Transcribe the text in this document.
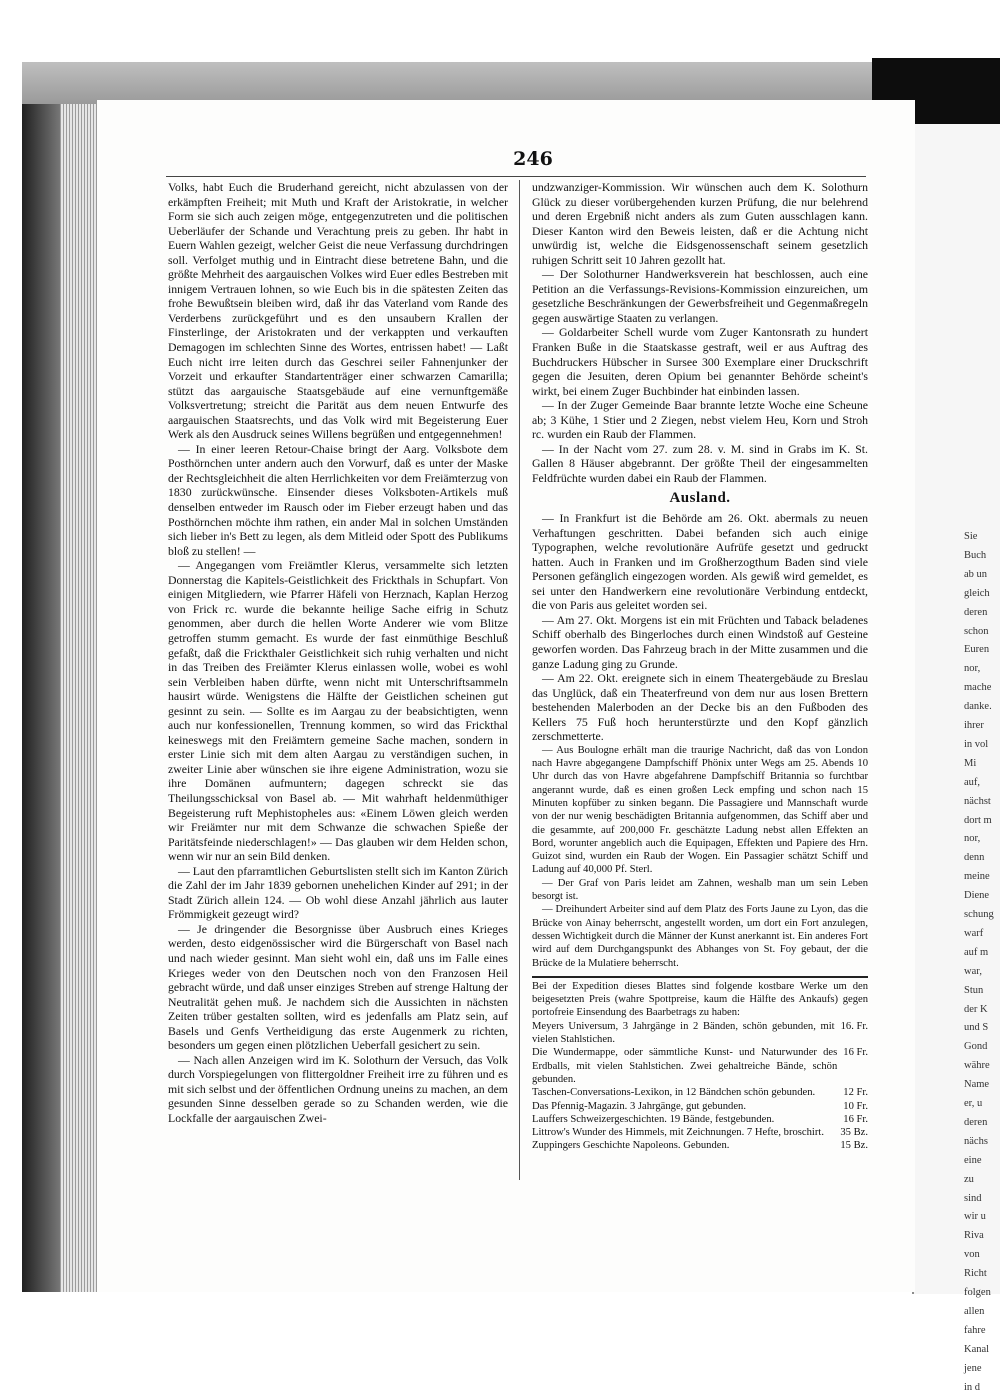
246

Volks, habt Euch die Bruderhand gereicht, nicht abzulassen von der erkämpften Freiheit; mit Muth und Kraft der Aristokratie, in welcher Form sie sich auch zeigen möge, entgegenzutreten und die politischen Ueberläufer der Schande und Verachtung preis zu geben. Ihr habt in Euern Wahlen gezeigt, welcher Geist die neue Verfassung durchdringen soll. Verfolget muthig und in Eintracht diese betretene Bahn, und die größte Mehrheit des aargauischen Volkes wird Euer edles Bestreben mit innigem Vertrauen lohnen, so wie Euch bis in die spätesten Zeiten das frohe Bewußtsein bleiben wird, daß ihr das Vaterland vom Rande des Verderbens zurückgeführt und es den unsaubern Krallen der Finsterlinge, der Aristokraten und der verkappten und verkauften Demagogen im schlechten Sinne des Wortes, entrissen habet! — Laßt Euch nicht irre leiten durch das Geschrei seiler Fahnenjunker der Vorzeit und erkaufter Standartenträger einer schwarzen Camarilla; stützt das aargauische Staatsgebäude auf eine vernunftgemäße Volksvertretung; streicht die Parität aus dem neuen Entwurfe des aargauischen Staatsrechts, und das Volk wird mit Begeisterung Euer Werk als den Ausdruck seines Willens begrüßen und entgegennehmen!

— In einer leeren Retour-Chaise bringt der Aarg. Volksbote dem Posthörnchen unter andern auch den Vorwurf, daß es unter der Maske der Rechtsgleichheit die alten Herrlichkeiten vor dem Freiämterzug von 1830 zurückwünsche. Einsender dieses Volksboten-Artikels muß denselben entweder im Rausch oder im Fieber erzeugt haben und das Posthörnchen möchte ihm rathen, ein ander Mal in solchen Umständen sich lieber in's Bett zu legen, als dem Mitleid oder Spott des Publikums bloß zu stellen! —

— Angegangen vom Freiämtler Klerus, versammelte sich letzten Donnerstag die Kapitels-Geistlichkeit des Frickthals in Schupfart. Von einigen Mitgliedern, wie Pfarrer Häfeli von Herznach, Kaplan Herzog von Frick rc. wurde die bekannte heilige Sache eifrig in Schutz genommen, aber durch die hellen Worte Anderer wie vom Blitze getroffen stumm gemacht. Es wurde der fast einmüthige Beschluß gefaßt, daß die Frickthaler Geistlichkeit sich ruhig verhalten und nicht in das Treiben des Freiämter Klerus einlassen wolle, wobei es wohl sein Verbleiben haben dürfte, wenn nicht mit Unterschriftsammeln hausirt würde. Wenigstens die Hälfte der Geistlichen scheinen gut gesinnt zu sein. — Sollte es im Aargau zu der beabsichtigten, wenn auch nur konfessionellen, Trennung kommen, so wird das Frickthal keineswegs mit den Freiämtern gemeine Sache machen, sondern in erster Linie sich mit dem alten Aargau zu verständigen suchen, in zweiter Linie aber wünschen sie ihre eigene Administration, wozu sie ihre Domänen aufmuntern; dagegen schreckt sie das Theilungsschicksal von Basel ab. — Mit wahrhaft heldenmüthiger Begeisterung ruft Mephistopheles aus: «Einem Löwen gleich werden wir Freiämter nur mit dem Schwanze die schwachen Spieße der Paritätsfeinde niederschlagen!» — Das glauben wir dem Helden schon, wenn wir nur an sein Bild denken.

— Laut den pfarramtlichen Geburtslisten stellt sich im Kanton Zürich die Zahl der im Jahr 1839 gebornen unehelichen Kinder auf 291; in der Stadt Zürich allein 124. — Ob wohl diese Anzahl jährlich aus lauter Frömmigkeit gezeugt wird?

— Je dringender die Besorgnisse über Ausbruch eines Krieges werden, desto eidgenössischer wird die Bürgerschaft von Basel nach und nach wieder gesinnt. Man sieht wohl ein, daß uns im Falle eines Krieges weder von den Deutschen noch von den Franzosen Heil gebracht würde, und daß unser einziges Streben auf strenge Haltung der Neutralität gehen muß. Je nachdem sich die Aussichten in nächsten Zeiten trüber gestalten sollten, wird es jedenfalls am Platz sein, auf Basels und Genfs Vertheidigung das erste Augenmerk zu richten, besonders um gegen einen plötzlichen Ueberfall gesichert zu sein.

— Nach allen Anzeigen wird im K. Solothurn der Versuch, das Volk durch Vorspiegelungen von flittergoldner Freiheit irre zu führen und es mit sich selbst und der öffentlichen Ordnung uneins zu machen, an dem gesunden Sinne desselben gerade so zu Schanden werden, wie die Lockfalle der aargauischen Zwei-

undzwanziger-Kommission. Wir wünschen auch dem K. Solothurn Glück zu dieser vorübergehenden kurzen Prüfung, die nur belehrend und deren Ergebniß nicht anders als zum Guten ausschlagen kann. Dieser Kanton wird den Beweis leisten, daß er die Achtung nicht unwürdig ist, welche die Eidsgenossenschaft seinem gesetzlich ruhigen Schritt seit 10 Jahren gezollt hat.

— Der Solothurner Handwerksverein hat beschlossen, auch eine Petition an die Verfassungs-Revisions-Kommission einzureichen, um gesetzliche Beschränkungen der Gewerbsfreiheit und Gegenmaßregeln gegen auswärtige Staaten zu verlangen.

— Goldarbeiter Schell wurde vom Zuger Kantonsrath zu hundert Franken Buße in die Staatskasse gestraft, weil er aus Auftrag des Buchdruckers Hübscher in Sursee 300 Exemplare einer Druckschrift gegen die Jesuiten, deren Opium bei genannter Behörde scheint's wirkt, bei einem Zuger Buchbinder hat einbinden lassen.

— In der Zuger Gemeinde Baar brannte letzte Woche eine Scheune ab; 3 Kühe, 1 Stier und 2 Ziegen, nebst vielem Heu, Korn und Stroh rc. wurden ein Raub der Flammen.

— In der Nacht vom 27. zum 28. v. M. sind in Grabs im K. St. Gallen 8 Häuser abgebrannt. Der größte Theil der eingesammelten Feldfrüchte wurden dabei ein Raub der Flammen.

Ausland.

— In Frankfurt ist die Behörde am 26. Okt. abermals zu neuen Verhaftungen geschritten. Dabei befanden sich auch einige Typographen, welche revolutionäre Aufrüfe gesetzt und gedruckt hatten. Auch in Franken und im Großherzogthum Baden sind viele Personen gefänglich eingezogen worden. Als gewiß wird gemeldet, es sei unter den Handwerkern eine revolutionäre Verbindung entdeckt, die von Paris aus geleitet worden sei.

— Am 27. Okt. Morgens ist ein mit Früchten und Taback beladenes Schiff oberhalb des Bingerloches durch einen Windstoß auf Gesteine geworfen worden. Das Fahrzeug brach in der Mitte zusammen und die ganze Ladung ging zu Grunde.

— Am 22. Okt. ereignete sich in einem Theatergebäude zu Breslau das Unglück, daß ein Theaterfreund von dem nur aus losen Brettern bestehenden Malerboden an der Decke bis an den Fußboden des Kellers 75 Fuß hoch herunterstürzte und den Kopf gänzlich zerschmetterte.

— Aus Boulogne erhält man die traurige Nachricht, daß das von London nach Havre abgegangene Dampfschiff Phönix unter Wegs am 25. Abends 10 Uhr durch das von Havre abgefahrene Dampfschiff Britannia so furchtbar angerannt wurde, daß es einen großen Leck empfing und schon nach 15 Minuten kopfüber zu sinken begann. Die Passagiere und Mannschaft wurde von der nur wenig beschädigten Britannia aufgenommen, das Schiff aber und die gesammte, auf 200,000 Fr. geschätzte Ladung nebst allen Effekten an Bord, worunter angeblich auch die Equipagen, Effekten und Papiere des Hrn. Guizot sind, wurden ein Raub der Wogen. Ein Passagier schätzt Schiff und Ladung auf 40,000 Pf. Sterl.

— Der Graf von Paris leidet am Zahnen, weshalb man um sein Leben besorgt ist.

— Dreihundert Arbeiter sind auf dem Platz des Forts Jaune zu Lyon, das die Brücke von Ainay beherrscht, angestellt worden, um dort ein Fort anzulegen, dessen Wichtigkeit durch die Männer der Kunst anerkannt ist. Ein anderes Fort wird auf dem Durchgangspunkt des Abhanges von St. Foy gebaut, der die Brücke de la Mulatiere beherrscht.

Bei der Expedition dieses Blattes sind folgende kostbare Werke um den beigesetzten Preis (wahre Spottpreise, kaum die Hälfte des Ankaufs) gegen portofreie Einsendung des Baarbetrags zu haben:

Meyers Universum, 3 Jahrgänge in 2 Bänden, schön gebunden, mit vielen Stahlstichen.
16. Fr.
Die Wundermappe, oder sämmtliche Kunst- und Naturwunder des Erdballs, mit vielen Stahlstichen. Zwei gehaltreiche Bände, schön gebunden.
16 Fr.
Taschen-Conversations-Lexikon, in 12 Bändchen schön gebunden.	12 Fr.
Das Pfennig-Magazin. 3 Jahrgänge, gut gebunden.	10 Fr.
Lauffers Schweizergeschichten. 19 Bände, festgebunden.	16 Fr.
Littrow's Wunder des Himmels, mit Zeichnungen. 7 Hefte, broschirt.	35 Bz.
Zuppingers Geschichte Napoleons. Gebunden.	15 Bz.
Sie
Buch
ab un
gleich
deren
schon
Euren
nor,
mache
danke.
ihrer
in vol
Mi
auf,
nächst
dort m
nor,
denn
meine
Diene
schung
warf
auf m
war,
Stun
der K
und S
Gond
währe
Name
er, u
deren
nächs
eine
zu
sind
wir u
Riva
von
Richt
folgen
allen
fahre
Kanal
jene
in d
